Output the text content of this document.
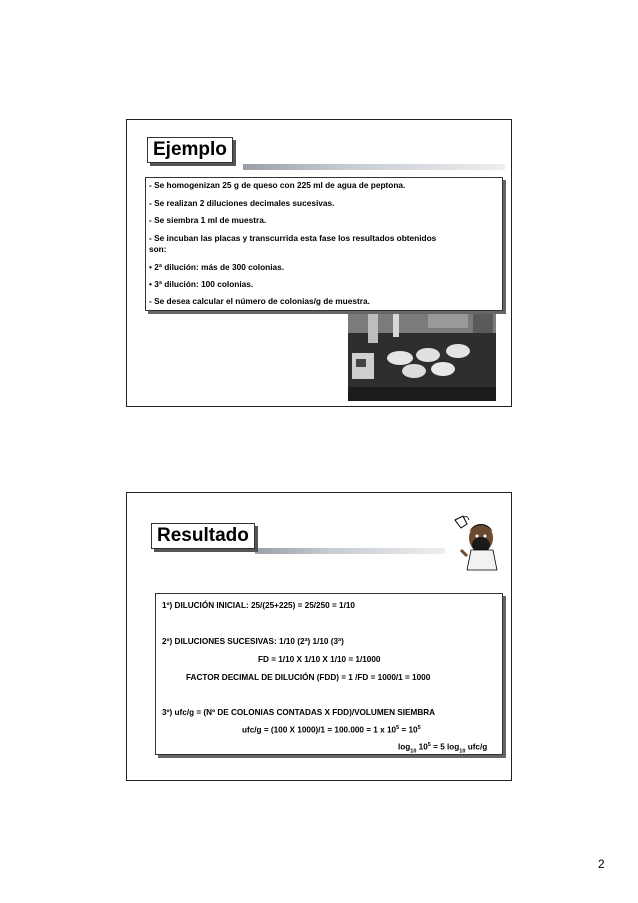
Ejemplo
- Se homogenizan 25 g de queso con 225 ml de agua de peptona.
- Se realizan 2 diluciones decimales sucesivas.
- Se siembra 1 ml de muestra.
- Se incuban las placas y transcurrida esta fase los resultados obtenidos
son:
• 2ª dilución: más de 300 colonias.
• 3ª dilución: 100 colonias.
- Se desea calcular el número de colonias/g de muestra.
Resultado
1º) DILUCIÓN INICIAL: 25/(25+225) = 25/250 = 1/10
2º) DILUCIONES SUCESIVAS: 1/10 (2ª) 1/10 (3ª)
FD = 1/10 X 1/10 X 1/10 = 1/1000
FACTOR DECIMAL DE DILUCIÓN (FDD) = 1 /FD = 1000/1 = 1000
3º) ufc/g = (Nº DE COLONIAS CONTADAS X FDD)/VOLUMEN SIEMBRA
ufc/g = (100 X 1000)/1 = 100.000 = 1 x $10^5 = 10^5$
$\log_{10} 10^5 = 5$ $\log_{10} ufc/g$
2
